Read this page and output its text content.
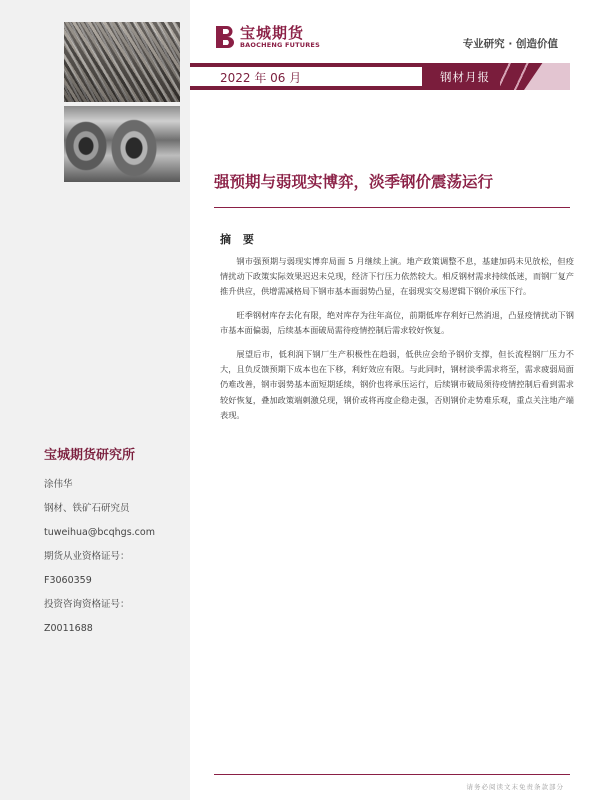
宝城期货研究所
涂伟华
钢材、铁矿石研究员
tuweihua@bcqhgs.com
期货从业资格证号：
F3060359
投资咨询资格证号：
Z0011688
宝城期货
BAOCHENG FUTURES	专业研究 · 创造价值
2022 年 06 月	钢材月报
强预期与弱现实博弈，淡季钢价震荡运行
摘 要

钢市强预期与弱现实博弈局面 5 月继续上演。地产政策调整不息，基建加码未见放松，但疫情扰动下政策实际效果迟迟未兑现，经济下行压力依然较大。相反钢材需求持续低迷，而钢厂复产推升供应，供增需减格局下钢市基本面弱势凸显，在弱现实交易逻辑下钢价承压下行。

旺季钢材库存去化有限，绝对库存为往年高位，前期低库存利好已然消退，凸显疫情扰动下钢市基本面偏弱，后续基本面破局需待疫情控制后需求较好恢复。

展望后市，低利润下钢厂生产积极性在趋弱，低供应会给予钢价支撑，但长流程钢厂压力不大，且负反馈预期下成本也在下移，利好效应有限。与此同时，钢材淡季需求将至，需求疲弱局面仍难改善，钢市弱势基本面短期延续，钢价也将承压运行，后续钢市破局须待疫情控制后看到需求较好恢复，叠加政策端刺激兑现，钢价或将再度企稳走强，否则钢价走势难乐观，重点关注地产端表现。

请务必阅读文末免责条款部分
